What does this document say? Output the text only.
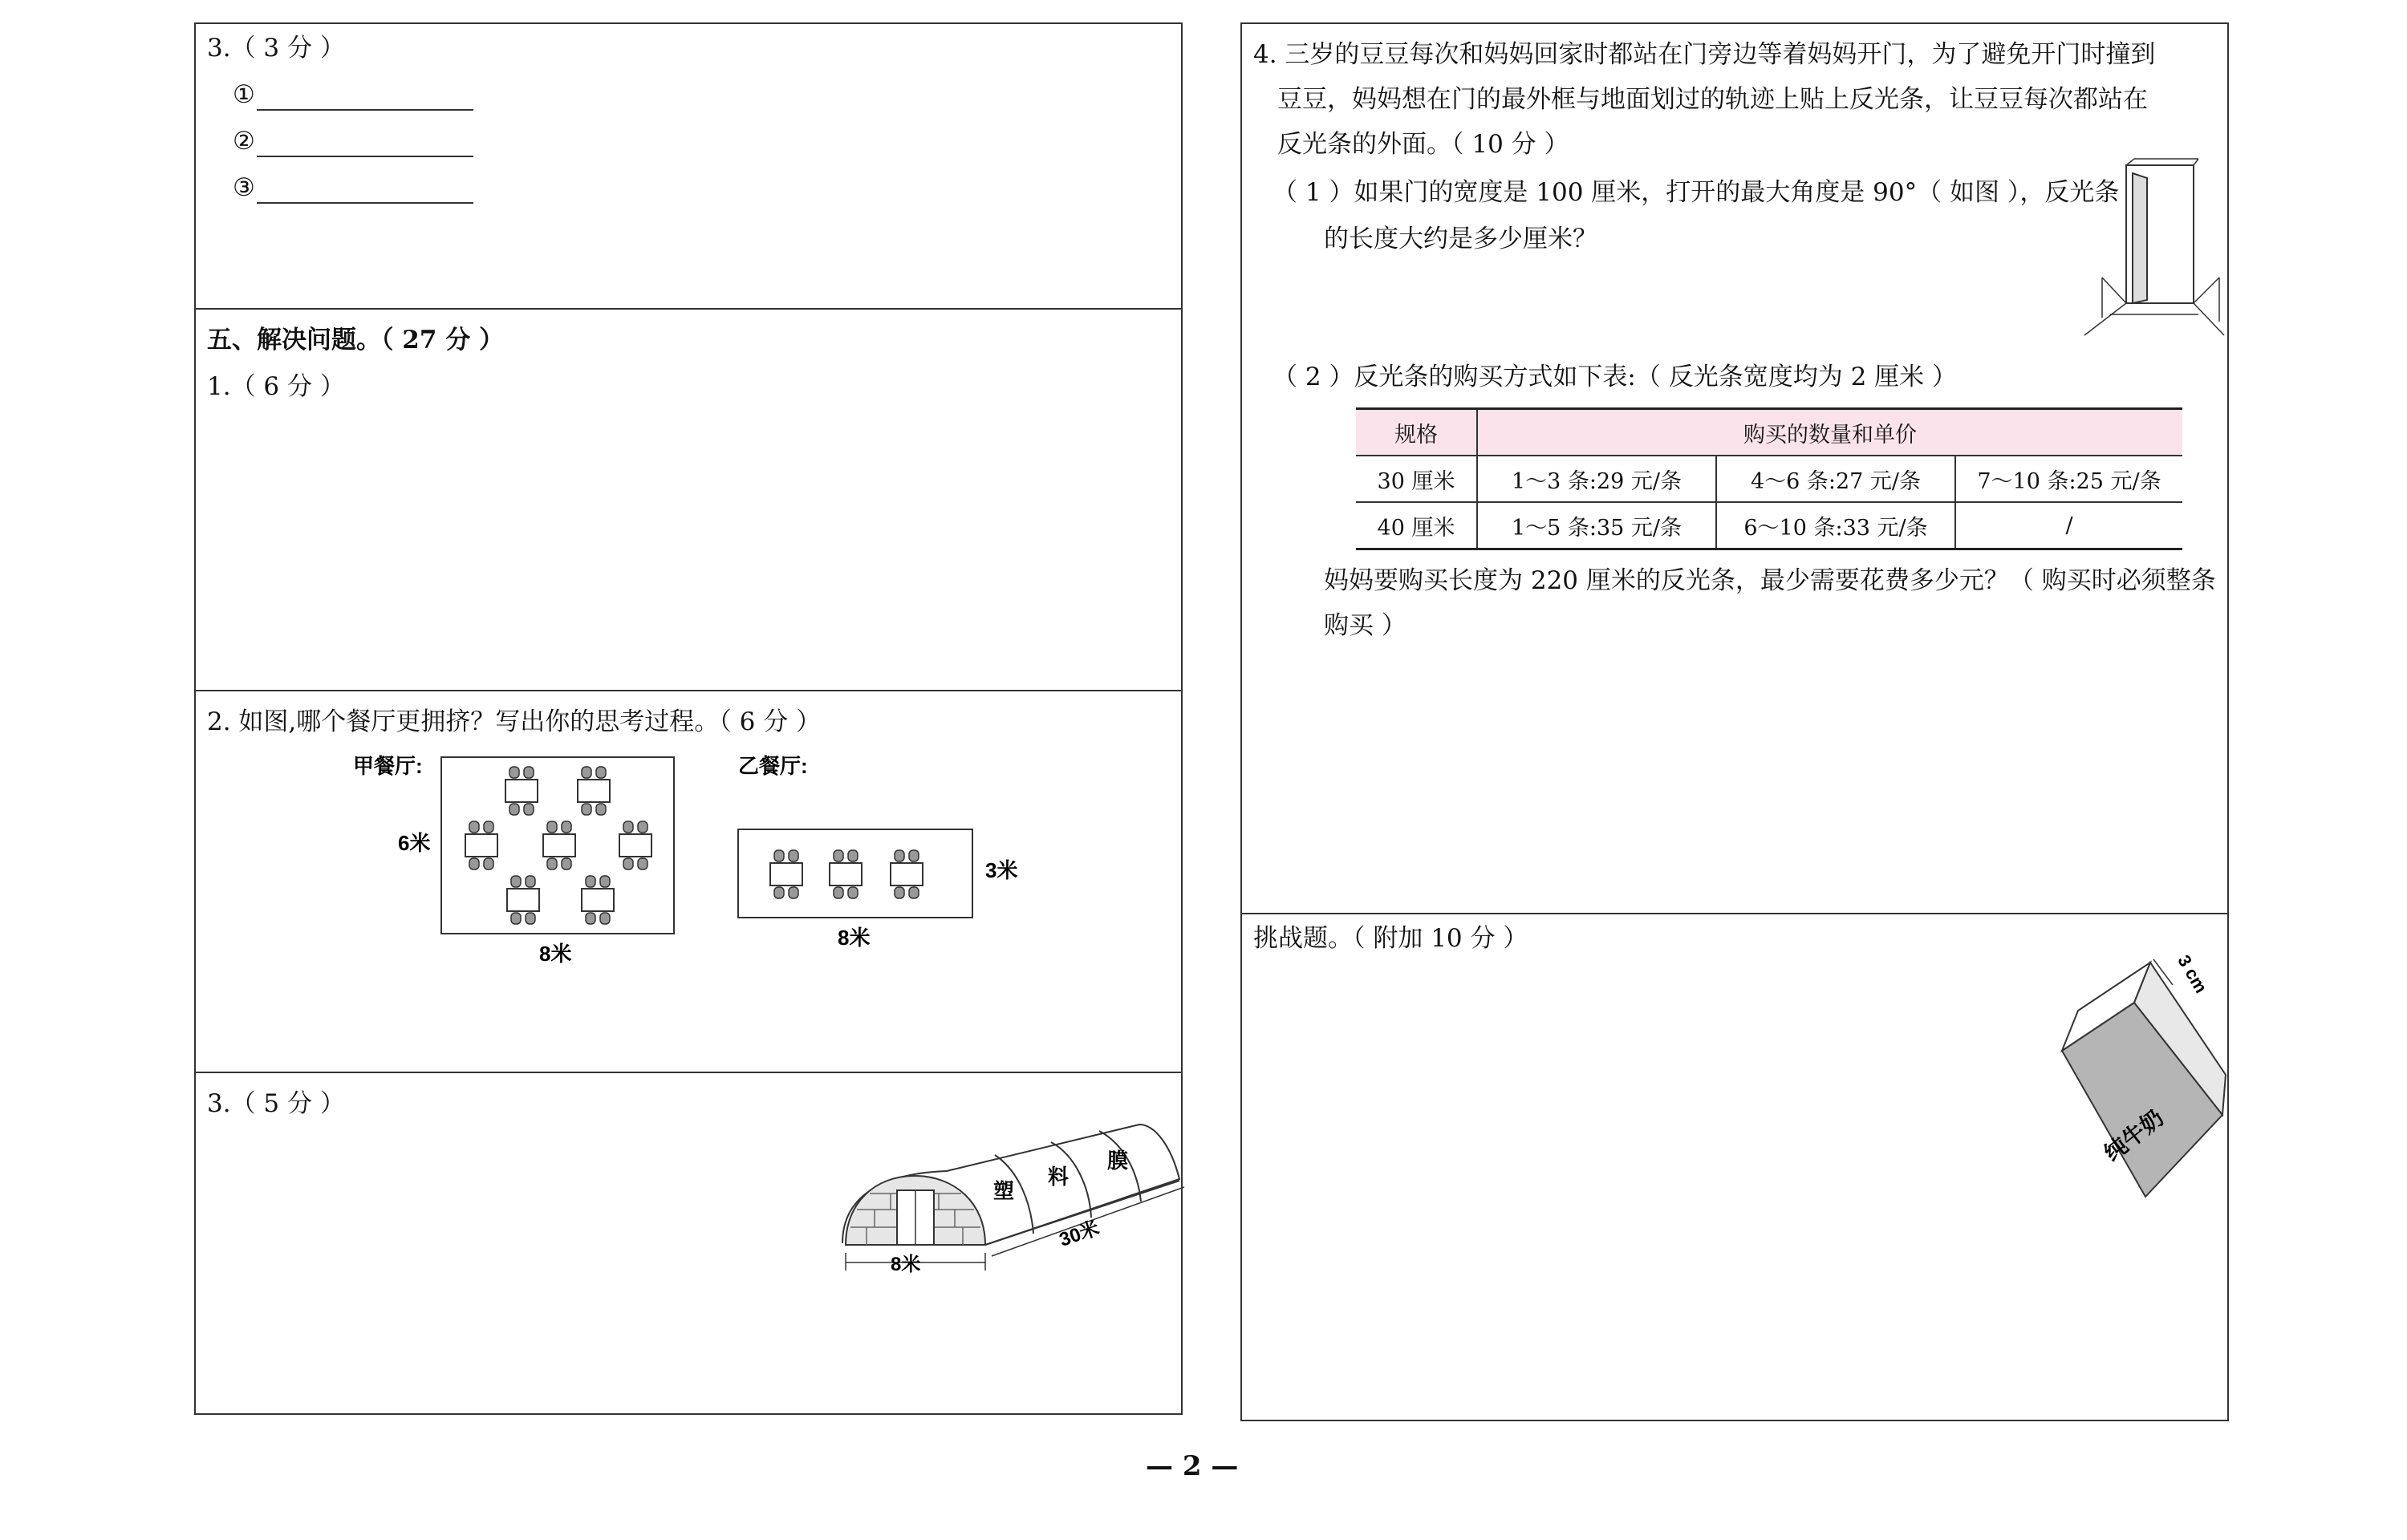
3.（ 3 分 ）
①
②
③
五、解决问题。（ 27 分 ）
1.（ 6 分 ）
2. 如图,哪个餐厅更拥挤？写出你的思考过程。（ 6 分 ）
甲餐厅:
6米
8米
乙餐厅:
3米
8米
3.（ 5 分 ）
塑
料
膜
8米
30米
4. 三岁的豆豆每次和妈妈回家时都站在门旁边等着妈妈开门，为了避免开门时撞到
豆豆，妈妈想在门的最外框与地面划过的轨迹上贴上反光条，让豆豆每次都站在
反光条的外面。（ 10 分 ）
（ 1 ）如果门的宽度是 100 厘米，打开的最大角度是 90°（ 如图 ），反光条
的长度大约是多少厘米？
（ 2 ）反光条的购买方式如下表:（ 反光条宽度均为 2 厘米 ）
规格	购买的数量和单价		
30 厘米	1～3 条:29 元/条	4～6 条:27 元/条	7～10 条:25 元/条
40 厘米	1～5 条:35 元/条	6～10 条:33 元/条	/
妈妈要购买长度为 220 厘米的反光条，最少需要花费多少元？（ 购买时必须整条
购买 ）
挑战题。（ 附加 10 分 ）
3 cm
纯牛奶
— 2 —
